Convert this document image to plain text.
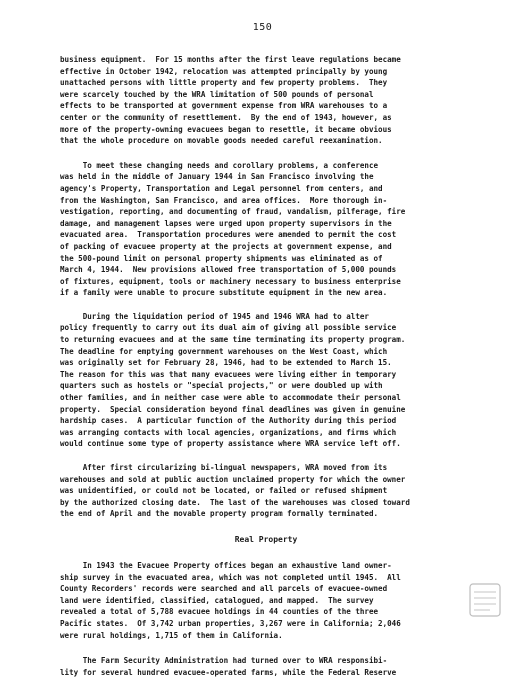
150

business equipment.  For 15 months after the first leave regulations became
effective in October 1942, relocation was attempted principally by young
unattached persons with little property and few property problems.  They
were scarcely touched by the WRA limitation of 500 pounds of personal
effects to be transported at government expense from WRA warehouses to a
center or the community of resettlement.  By the end of 1943, however, as
more of the property-owning evacuees began to resettle, it became obvious
that the whole procedure on movable goods needed careful reexamination.

To meet these changing needs and corollary problems, a conference
was held in the middle of January 1944 in San Francisco involving the
agency's Property, Transportation and Legal personnel from centers, and
from the Washington, San Francisco, and area offices.  More thorough in-
vestigation, reporting, and documenting of fraud, vandalism, pilferage, fire
damage, and management lapses were urged upon property supervisors in the
evacuated area.  Transportation procedures were amended to permit the cost
of packing of evacuee property at the projects at government expense, and
the 500-pound limit on personal property shipments was eliminated as of
March 4, 1944.  New provisions allowed free transportation of 5,000 pounds
of fixtures, equipment, tools or machinery necessary to business enterprise
if a family were unable to procure substitute equipment in the new area.

During the liquidation period of 1945 and 1946 WRA had to alter
policy frequently to carry out its dual aim of giving all possible service
to returning evacuees and at the same time terminating its property program.
The deadline for emptying government warehouses on the West Coast, which
was originally set for February 28, 1946, had to be extended to March 15.
The reason for this was that many evacuees were living either in temporary
quarters such as hostels or "special projects," or were doubled up with
other families, and in neither case were able to accommodate their personal
property.  Special consideration beyond final deadlines was given in genuine
hardship cases.  A particular function of the Authority during this period
was arranging contacts with local agencies, organizations, and firms which
would continue some type of property assistance where WRA service left off.

After first circularizing bi-lingual newspapers, WRA moved from its
warehouses and sold at public auction unclaimed property for which the owner
was unidentified, or could not be located, or failed or refused shipment
by the authorized closing date.  The last of the warehouses was closed toward
the end of April and the movable property program formally terminated.

Real Property

In 1943 the Evacuee Property offices began an exhaustive land owner-
ship survey in the evacuated area, which was not completed until 1945.  All
County Recorders' records were searched and all parcels of evacuee-owned
land were identified, classified, catalogued, and mapped.  The survey
revealed a total of 5,788 evacuee holdings in 44 counties of the three
Pacific states.  Of 3,742 urban properties, 3,267 were in California; 2,046
were rural holdings, 1,715 of them in California.

The Farm Security Administration had turned over to WRA responsibi-
lity for several hundred evacuee-operated farms, while the Federal Reserve
